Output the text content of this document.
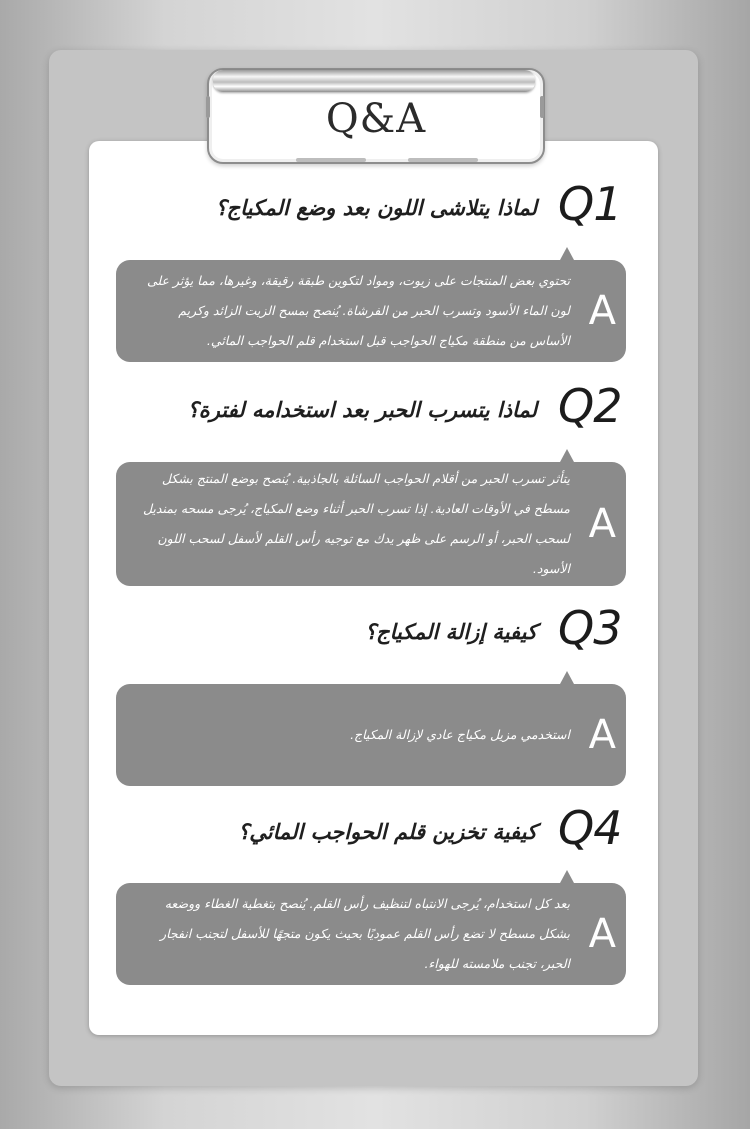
Q&A
لماذا يتلاشى اللون بعد وضع المكياج؟ Q1
تحتوي بعض المنتجات على زيوت، ومواد لتكوين طبقة رقيقة، وغيرها، مما يؤثر على لون الماء الأسود وتسرب الحبر من الفرشاة. يُنصح بمسح الزيت الزائد وكريم الأساس من منطقة مكياج الحواجب قبل استخدام قلم الحواجب المائي.
A
لماذا يتسرب الحبر بعد استخدامه لفترة؟ Q2
يتأثر تسرب الحبر من أقلام الحواجب السائلة بالجاذبية. يُنصح بوضع المنتج بشكل مسطح في الأوقات العادية. إذا تسرب الحبر أثناء وضع المكياج، يُرجى مسحه بمنديل لسحب الحبر، أو الرسم على ظهر يدك مع توجيه رأس القلم لأسفل لسحب اللون الأسود.
A
كيفية إزالة المكياج؟ Q3
استخدمي مزيل مكياج عادي لإزالة المكياج. A
كيفية تخزين قلم الحواجب المائي؟ Q4
بعد كل استخدام، يُرجى الانتباه لتنظيف رأس القلم. يُنصح بتغطية الغطاء ووضعه بشكل مسطح لا تضع رأس القلم عموديًا بحيث يكون متجهًا للأسفل لتجنب انفجار الحبر، تجنب ملامسته للهواء.
A
